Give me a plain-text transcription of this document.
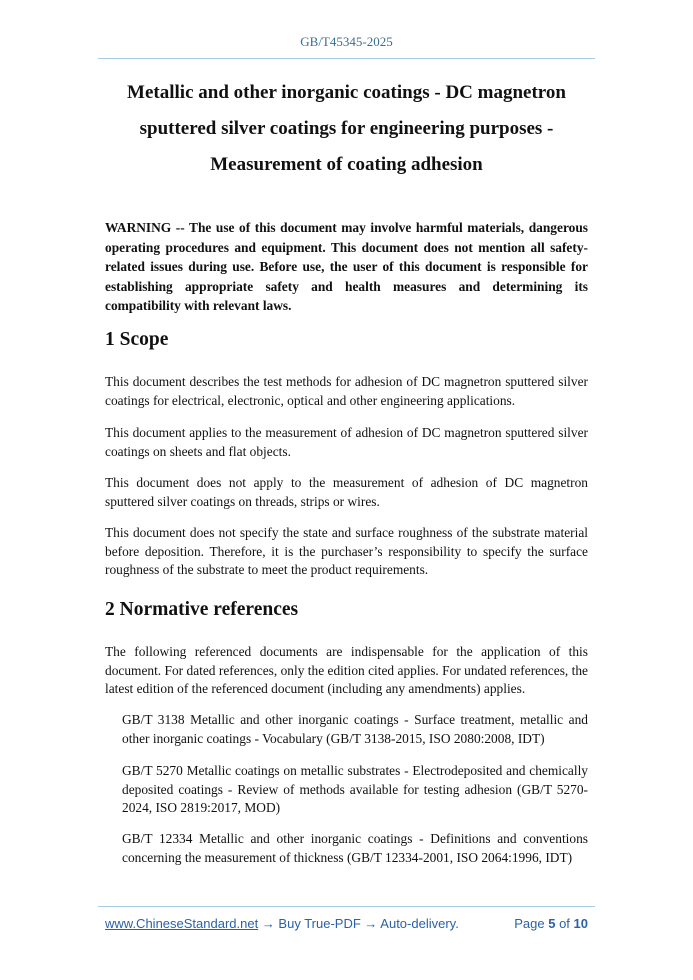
GB/T45345-2025
Metallic and other inorganic coatings - DC magnetron
sputtered silver coatings for engineering purposes -
Measurement of coating adhesion
WARNING -- The use of this document may involve harmful materials, dangerous operating procedures and equipment. This document does not mention all safety-related issues during use. Before use, the user of this document is responsible for establishing appropriate safety and health measures and determining its compatibility with relevant laws.
1 Scope
This document describes the test methods for adhesion of DC magnetron sputtered silver coatings for electrical, electronic, optical and other engineering applications.
This document applies to the measurement of adhesion of DC magnetron sputtered silver coatings on sheets and flat objects.
This document does not apply to the measurement of adhesion of DC magnetron sputtered silver coatings on threads, strips or wires.
This document does not specify the state and surface roughness of the substrate material before deposition. Therefore, it is the purchaser’s responsibility to specify the surface roughness of the substrate to meet the product requirements.
2 Normative references
The following referenced documents are indispensable for the application of this document. For dated references, only the edition cited applies. For undated references, the latest edition of the referenced document (including any amendments) applies.
GB/T 3138 Metallic and other inorganic coatings - Surface treatment, metallic and other inorganic coatings - Vocabulary (GB/T 3138-2015, ISO 2080:2008, IDT)
GB/T 5270 Metallic coatings on metallic substrates - Electrodeposited and chemically deposited coatings - Review of methods available for testing adhesion (GB/T 5270-2024, ISO 2819:2017, MOD)
GB/T 12334 Metallic and other inorganic coatings - Definitions and conventions concerning the measurement of thickness (GB/T 12334-2001, ISO 2064:1996, IDT)
www.ChineseStandard.net → Buy True-PDF → Auto-delivery.	Page 5 of 10
